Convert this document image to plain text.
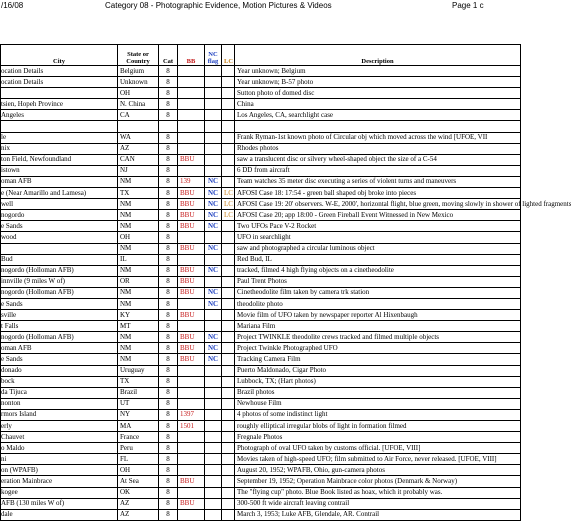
/16/08	Category 08 - Photographic Evidence, Motion Pictures & Videos	Page 1 c
City	State or Country	Cat	BB	NC flag	LC	Description
ocation Details	Belgium	8				Year unknown; Belgium
ocation Details	Unknown	8				Year unknown; B-57 photo
	OH	8				Sutton photo of domed disc
tsien, Hopeh Province	N. China	8				China
Angeles	CA	8				Los Angeles, CA, searchlight case

le	WA	8				Frank Ryman-1st known photo of Circular obj which moved across the wind [UFOE, VII
nix	AZ	8				Rhodes photos
ton Field, Newfoundland	CAN	8	BBU			saw a translucent disc or silvery wheel-shaped object the size of a C-54
istown	NJ	8				6 DD from aircraft
oman AFB	NM	8	139	NC		Team watches 35 meter disc executing a series of violent turns and maneuvers
e (Near Amarillo and Lamesa)	TX	8	BBU	NC	LC	AFOSI Case 18: 17:54 - green ball shaped obj broke into pieces
well	NM	8	BBU	NC	LC	AFOSI Case 19: 20' observers. W-E, 2000', horizontal flight, blue green, moving slowly in shower of lighted fragments
nogordo	NM	8	BBU	NC	LC	AFOSI Case 20; app 18:00 - Green Fireball Event Witnessed in New Mexico
e Sands	NM	8	BBU	NC		Two UFOs Pace V-2 Rocket
wood	OH	8				UFO in searchlight
	NM	8	BBU	NC		saw and photographed a circular luminous object
Bud	IL	8				Red Bud, IL
nogordo (Holloman AFB)	NM	8	BBU	NC		tracked, filmed 4 high flying objects on a cinetheodolite
innville (9 miles W of)	OR	8	BBU			Paul Trent Photos
nogordo (Holloman AFB)	NM	8	BBU	NC		Cinetheodolite film taken by camera trk station
e Sands	NM	8		NC		theodolite photo
sville	KY	8	BBU			Movie film of UFO taken by newspaper reporter Al Hixenbaugh
t Falls	MT	8				Mariana Film
nogordo (Holloman AFB)	NM	8	BBU	NC		Project TWINKLE theodolite crews tracked and filmed multiple objects
oman AFB	NM	8	BBU	NC		Project Twinkle Photographed UFO
e Sands	NM	8	BBU	NC		Tracking Camera Film
donado	Uruguay	8				Puerto Maldonado, Cigar Photo
bock	TX	8				Lubbock, TX; (Hart photos)
da Tijuca	Brazil	8				Brazil photos
nonton	UT	8				Newhouse Film
rmors Island	NY	8	1397			4 photos of some indistinct light
erly	MA	8	1501			roughly elliptical irregular blobs of light in formation filmed
Chauvet	France	8				Fregnale Photos
o Maldo	Peru	8				Photograph of oval UFO taken by customs official. [UFOE, VIII]
ni	FL	8				Movies taken of high-speed UFO; film submitted to Air Force, never released. [UFOE, VIII]
on (WPAFB)	OH	8				August 20, 1952; WPAFB, Ohio, gun-camera photos
eration Mainbrace	At Sea	8	BBU			September 19, 1952; Operation Mainbrace color photos (Denmark & Norway)
kogee	OK	8				The "flying cup" photo. Blue Book listed as hoax, which it probably was.
AFB (130 miles W of)	AZ	8	BBU			300-500 ft wide aircraft leaving contrail
dale	AZ	8				March 3, 1953; Luke AFB, Glendale, AR. Contrail
